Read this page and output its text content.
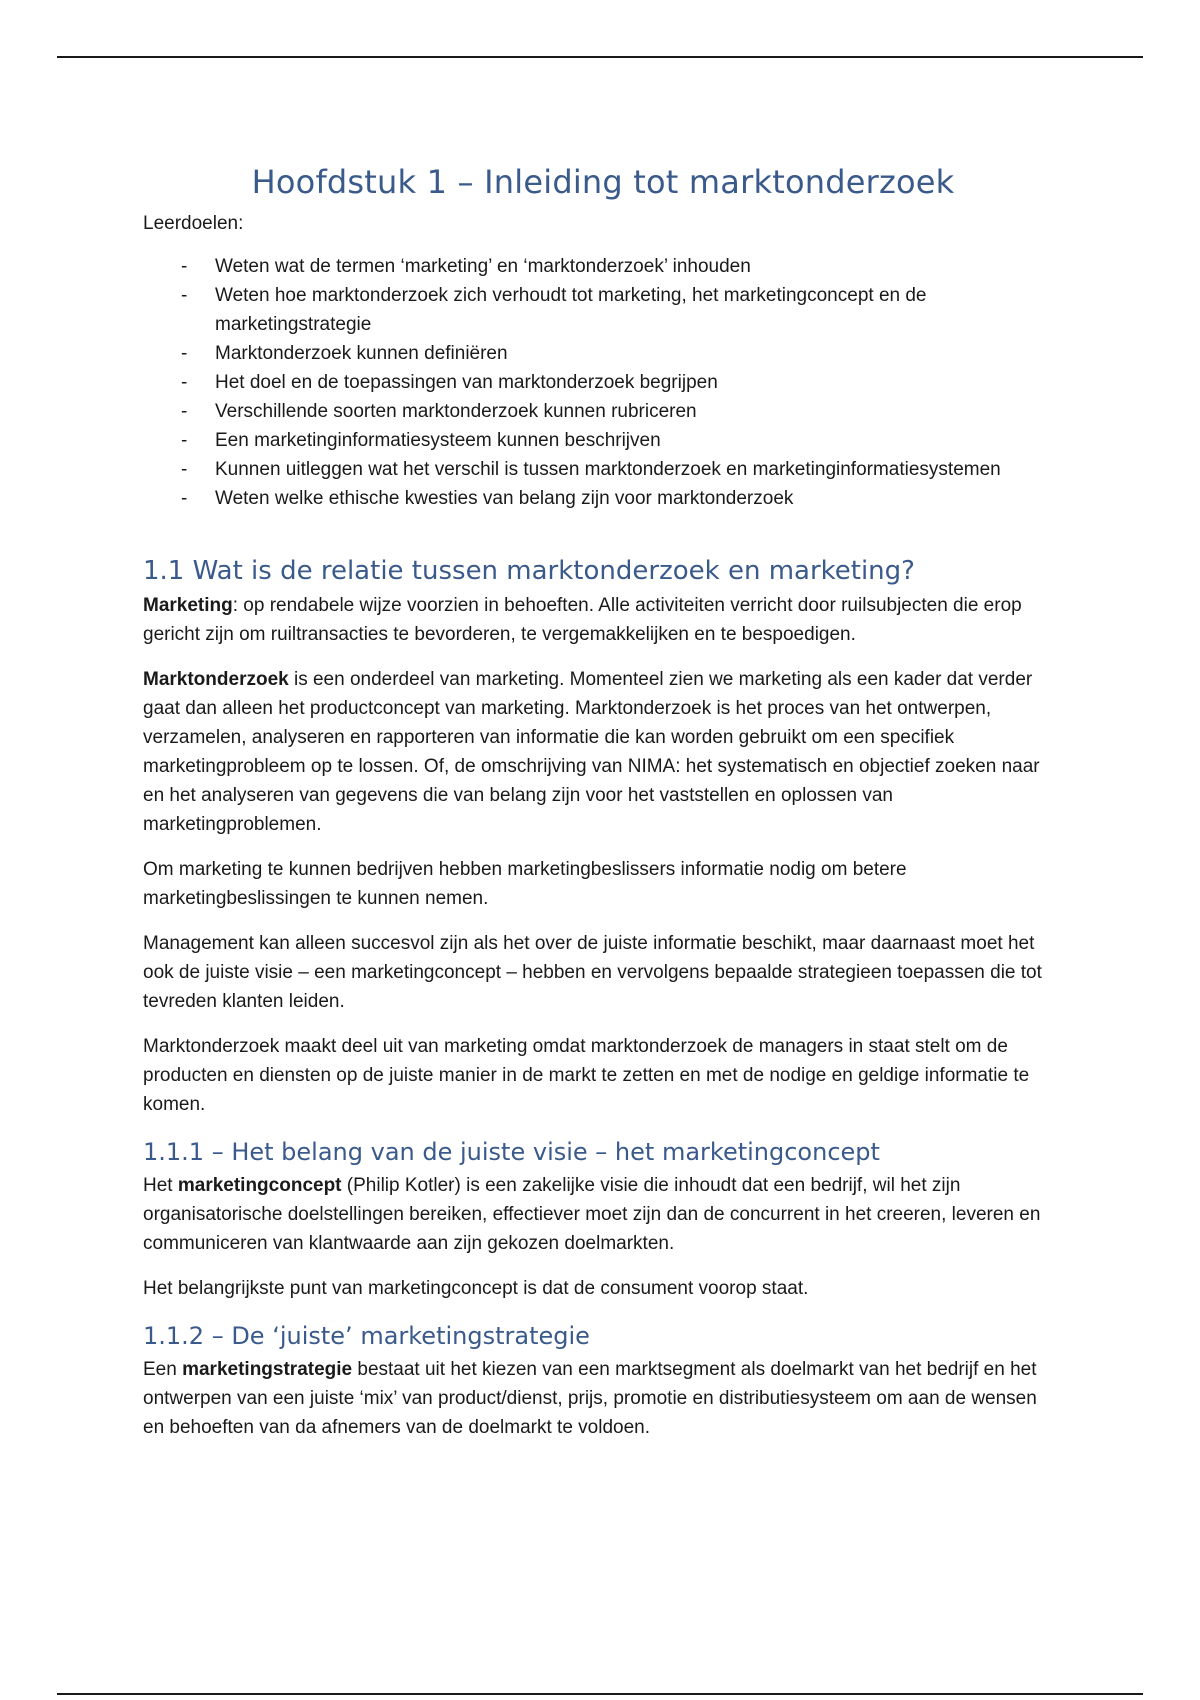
Hoofdstuk 1 – Inleiding tot marktonderzoek
Leerdoelen:
- Weten wat de termen ‘marketing’ en ‘marktonderzoek’ inhouden
- Weten hoe marktonderzoek zich verhoudt tot marketing, het marketingconcept en de marketingstrategie
- Marktonderzoek kunnen definiëren
- Het doel en de toepassingen van marktonderzoek begrijpen
- Verschillende soorten marktonderzoek kunnen rubriceren
- Een marketinginformatiesysteem kunnen beschrijven
- Kunnen uitleggen wat het verschil is tussen marktonderzoek en marketinginformatiesystemen
- Weten welke ethische kwesties van belang zijn voor marktonderzoek
1.1 Wat is de relatie tussen marktonderzoek en marketing?

Marketing: op rendabele wijze voorzien in behoeften. Alle activiteiten verricht door ruilsubjecten die erop gericht zijn om ruiltransacties te bevorderen, te vergemakkelijken en te bespoedigen.

Marktonderzoek is een onderdeel van marketing. Momenteel zien we marketing als een kader dat verder gaat dan alleen het productconcept van marketing. Marktonderzoek is het proces van het ontwerpen, verzamelen, analyseren en rapporteren van informatie die kan worden gebruikt om een specifiek marketingprobleem op te lossen. Of, de omschrijving van NIMA: het systematisch en objectief zoeken naar en het analyseren van gegevens die van belang zijn voor het vaststellen en oplossen van marketingproblemen.

Om marketing te kunnen bedrijven hebben marketingbeslissers informatie nodig om betere marketingbeslissingen te kunnen nemen.

Management kan alleen succesvol zijn als het over de juiste informatie beschikt, maar daarnaast moet het ook de juiste visie – een marketingconcept – hebben en vervolgens bepaalde strategieen toepassen die tot tevreden klanten leiden.

Marktonderzoek maakt deel uit van marketing omdat marktonderzoek de managers in staat stelt om de producten en diensten op de juiste manier in de markt te zetten en met de nodige en geldige informatie te komen.

1.1.1 – Het belang van de juiste visie – het marketingconcept

Het marketingconcept (Philip Kotler) is een zakelijke visie die inhoudt dat een bedrijf, wil het zijn organisatorische doelstellingen bereiken, effectiever moet zijn dan de concurrent in het creeren, leveren en communiceren van klantwaarde aan zijn gekozen doelmarkten.

Het belangrijkste punt van marketingconcept is dat de consument voorop staat.

1.1.2 – De ‘juiste’ marketingstrategie

Een marketingstrategie bestaat uit het kiezen van een marktsegment als doelmarkt van het bedrijf en het ontwerpen van een juiste ‘mix’ van product/dienst, prijs, promotie en distributiesysteem om aan de wensen en behoeften van da afnemers van de doelmarkt te voldoen.
